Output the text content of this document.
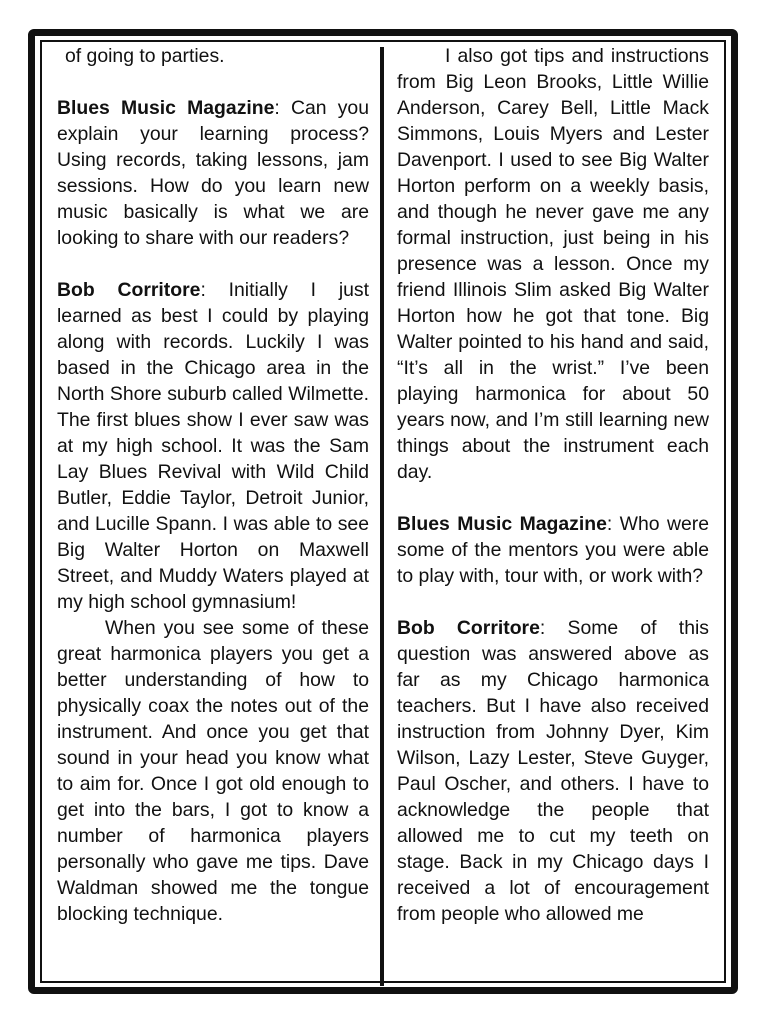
of going to parties.

Blues Music Magazine: Can you explain your learning process? Using records, taking lessons, jam sessions. How do you learn new music basically is what we are looking to share with our readers?

Bob Corritore: Initially I just learned as best I could by playing along with records. Luckily I was based in the Chicago area in the North Shore suburb called Wilmette. The first blues show I ever saw was at my high school. It was the Sam Lay Blues Revival with Wild Child Butler, Eddie Taylor, Detroit Junior, and Lucille Spann. I was able to see Big Walter Horton on Maxwell Street, and Muddy Waters played at my high school gymnasium!

When you see some of these great harmonica players you get a better understanding of how to physically coax the notes out of the instrument. And once you get that sound in your head you know what to aim for. Once I got old enough to get into the bars, I got to know a number of harmonica players personally who gave me tips. Dave Waldman showed me the tongue blocking technique.

I also got tips and instructions from Big Leon Brooks, Little Willie Anderson, Carey Bell, Little Mack Simmons, Louis Myers and Lester Davenport. I used to see Big Walter Horton perform on a weekly basis, and though he never gave me any formal instruction, just being in his presence was a lesson. Once my friend Illinois Slim asked Big Walter Horton how he got that tone. Big Walter pointed to his hand and said, “It’s all in the wrist.” I’ve been playing harmonica for about 50 years now, and I’m still learning new things about the instrument each day.

Blues Music Magazine: Who were some of the mentors you were able to play with, tour with, or work with?

Bob Corritore: Some of this question was answered above as far as my Chicago harmonica teachers. But I have also received instruction from Johnny Dyer, Kim Wilson, Lazy Lester, Steve Guyger, Paul Oscher, and others. I have to acknowledge the people that allowed me to cut my teeth on stage. Back in my Chicago days I received a lot of encouragement from people who allowed me
